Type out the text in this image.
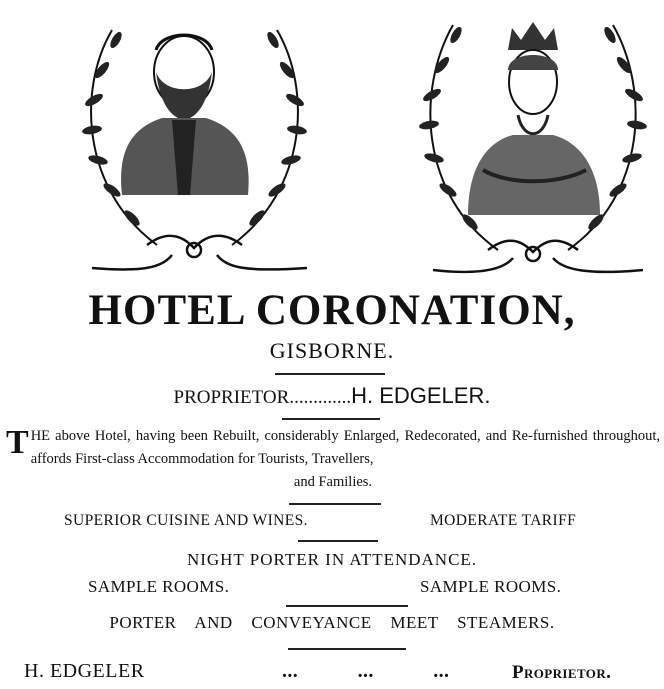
HOTEL CORONATION,
GISBORNE.
PROPRIETOR.............H. EDGELER.
THE above Hotel, having been Rebuilt, considerably Enlarged, Redecorated, and Re-furnished throughout, affords First-class Accommodation for Tourists, Travellers,
and Families.
SUPERIOR CUISINE AND WINES.	MODERATE TARIFF
NIGHT PORTER IN ATTENDANCE.
SAMPLE ROOMS.	SAMPLE ROOMS.
PORTER AND CONVEYANCE MEET STEAMERS.
H. EDGELER	... ... ...	Proprietor.
